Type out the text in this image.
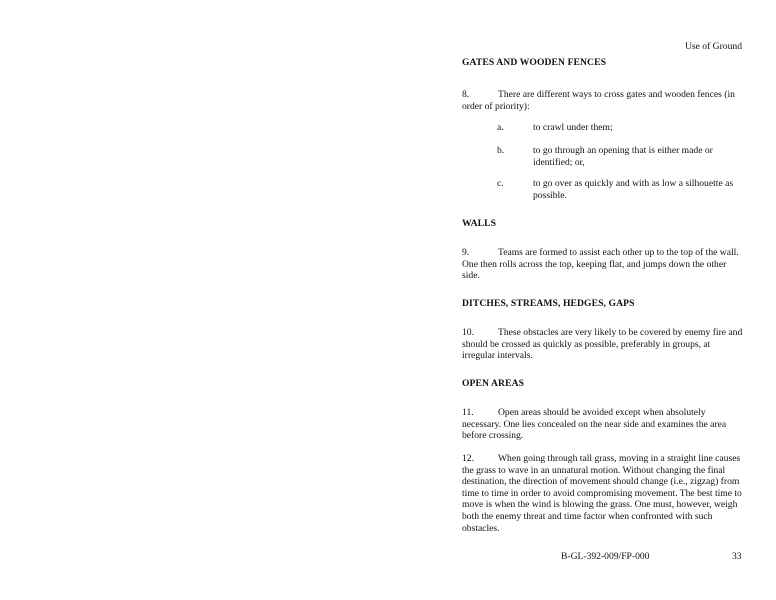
Use of Ground
GATES AND WOODEN FENCES
8.	There are different ways to cross gates and wooden fences (in order of priority):
a.	to crawl under them;
b.	to go through an opening that is either made or identified; or,
c.	to go over as quickly and with as low a silhouette as possible.
WALLS
9.	Teams are formed to assist each other up to the top of the wall. One then rolls across the top, keeping flat, and jumps down the other side.
DITCHES, STREAMS, HEDGES, GAPS
10.	These obstacles are very likely to be covered by enemy fire and should be crossed as quickly as possible, preferably in groups, at irregular intervals.
OPEN AREAS
11.	Open areas should be avoided except when absolutely necessary. One lies concealed on the near side and examines the area before crossing.
12.	When going through tall grass, moving in a straight line causes the grass to wave in an unnatural motion. Without changing the final destination, the direction of movement should change (i.e., zigzag) from time to time in order to avoid compromising movement. The best time to move is when the wind is blowing the grass. One must, however, weigh both the enemy threat and time factor when confronted with such obstacles.
B-GL-392-009/FP-000	33
